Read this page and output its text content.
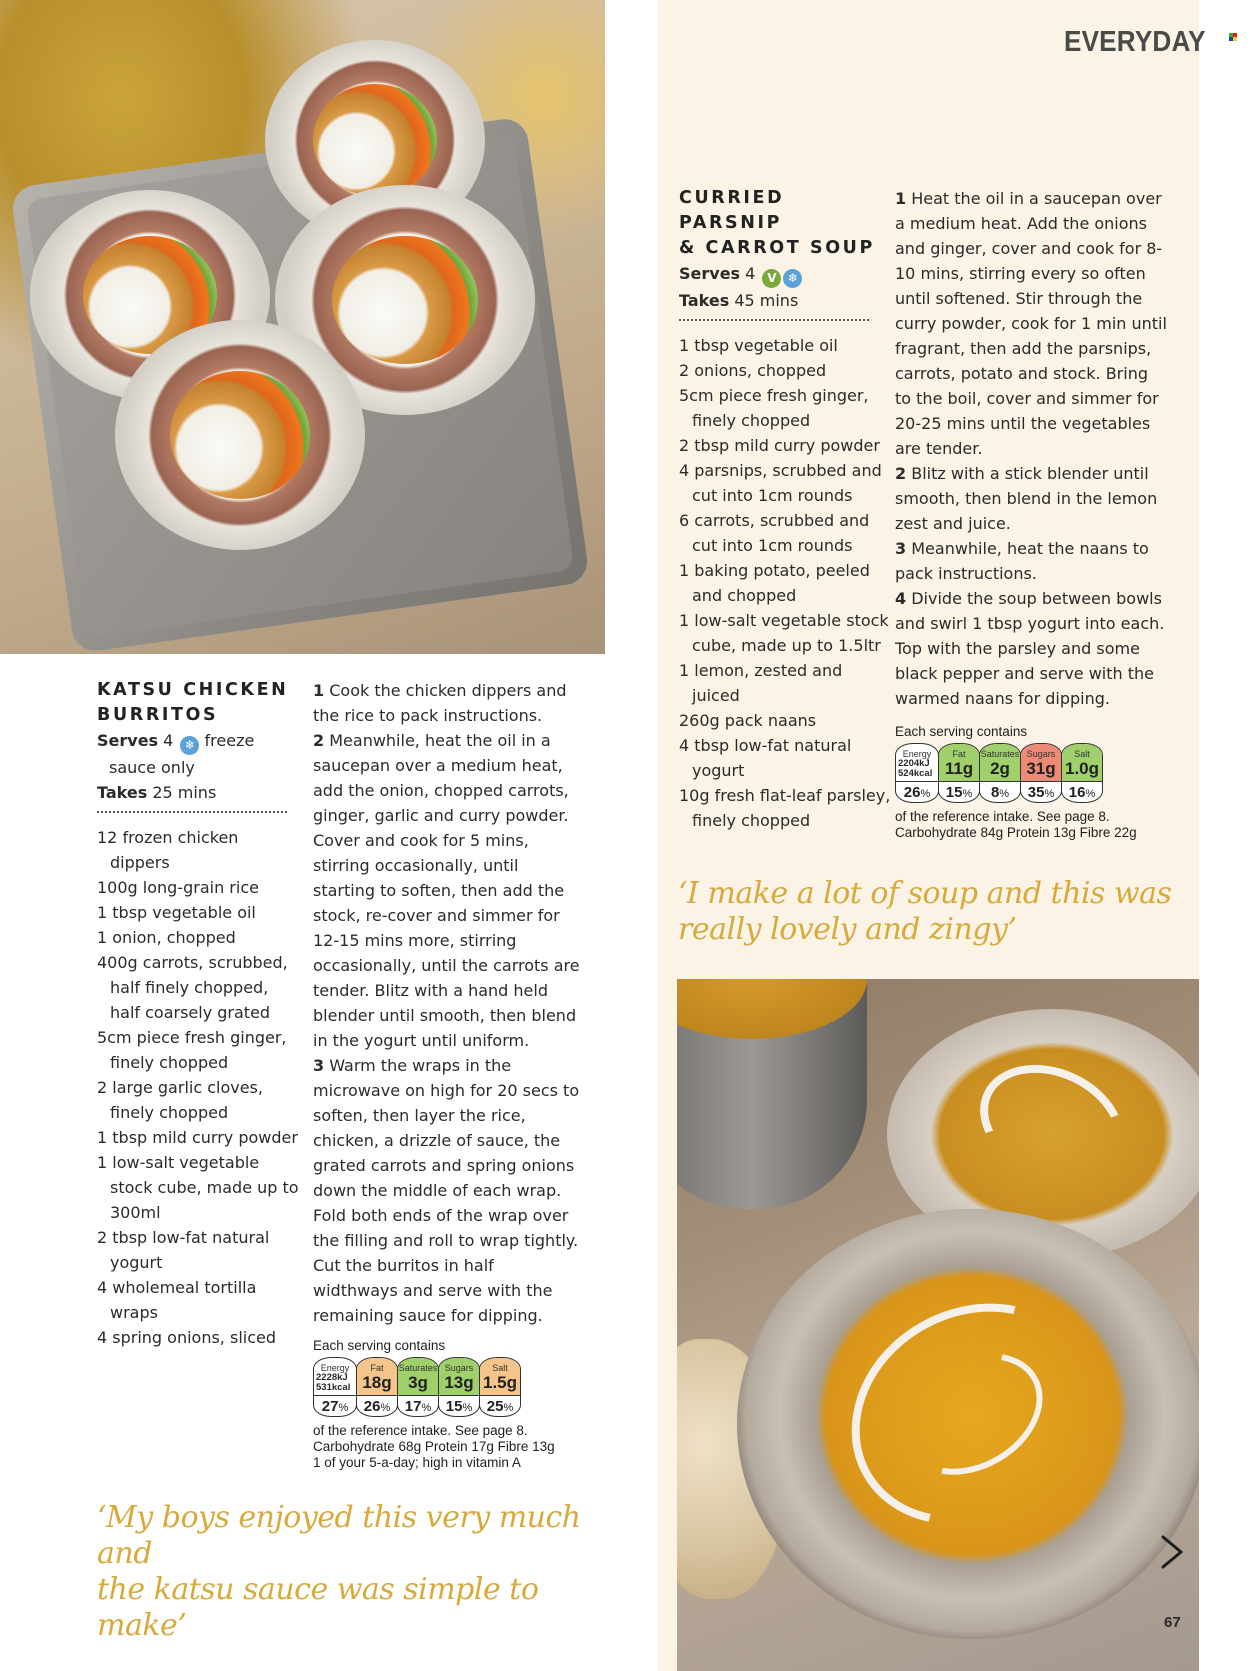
EVERYDAY
CURRIED PARSNIP
& CARROT SOUP
Serves 4 V ❄
Takes 45 mins
1 tbsp vegetable oil
2 onions, chopped
5cm piece fresh ginger, finely chopped
2 tbsp mild curry powder
4 parsnips, scrubbed and cut into 1cm rounds
6 carrots, scrubbed and cut into 1cm rounds
1 baking potato, peeled and chopped
1 low-salt vegetable stock cube, made up to 1.5ltr
1 lemon, zested and juiced
260g pack naans
4 tbsp low-fat natural yogurt
10g fresh flat-leaf parsley, finely chopped

1 Heat the oil in a saucepan over a medium heat. Add the onions and ginger, cover and cook for 8-10 mins, stirring every so often until softened. Stir through the curry powder, cook for 1 min until fragrant, then add the parsnips, carrots, potato and stock. Bring to the boil, cover and simmer for 20-25 mins until the vegetables are tender.

2 Blitz with a stick blender until smooth, then blend in the lemon zest and juice.

3 Meanwhile, heat the naans to pack instructions.

4 Divide the soup between bowls and swirl 1 tbsp yogurt into each. Top with the parsley and some black pepper and serve with the warmed naans for dipping.

Each serving contains
Energy
2204kJ
524kcal
26%
Fat
11g
15%
Saturates
2g
8%
Sugars
31g
35%
Salt
1.0g
16%
of the reference intake. See page 8.
Carbohydrate 84g Protein 13g Fibre 22g
‘I make a lot of soup and this was
really lovely and zingy’
67
KATSU CHICKEN
BURRITOS
Serves 4 ❄ freeze
sauce only
Takes 25 mins
12 frozen chicken dippers
100g long-grain rice
1 tbsp vegetable oil
1 onion, chopped
400g carrots, scrubbed, half finely chopped, half coarsely grated
5cm piece fresh ginger, finely chopped
2 large garlic cloves, finely chopped
1 tbsp mild curry powder
1 low-salt vegetable stock cube, made up to 300ml
2 tbsp low-fat natural yogurt
4 wholemeal tortilla wraps
4 spring onions, sliced

1 Cook the chicken dippers and the rice to pack instructions.

2 Meanwhile, heat the oil in a saucepan over a medium heat, add the onion, chopped carrots, ginger, garlic and curry powder. Cover and cook for 5 mins, stirring occasionally, until starting to soften, then add the stock, re-cover and simmer for 12-15 mins more, stirring occasionally, until the carrots are tender. Blitz with a hand held blender until smooth, then blend in the yogurt until uniform.

3 Warm the wraps in the microwave on high for 20 secs to soften, then layer the rice, chicken, a drizzle of sauce, the grated carrots and spring onions down the middle of each wrap. Fold both ends of the wrap over the filling and roll to wrap tightly. Cut the burritos in half widthways and serve with the remaining sauce for dipping.

Each serving contains
Energy
2228kJ
531kcal
27%
Fat
18g
26%
Saturates
3g
17%
Sugars
13g
15%
Salt
1.5g
25%
of the reference intake. See page 8.
Carbohydrate 68g Protein 17g Fibre 13g
1 of your 5-a-day; high in vitamin A
‘My boys enjoyed this very much and
the katsu sauce was simple to make’
